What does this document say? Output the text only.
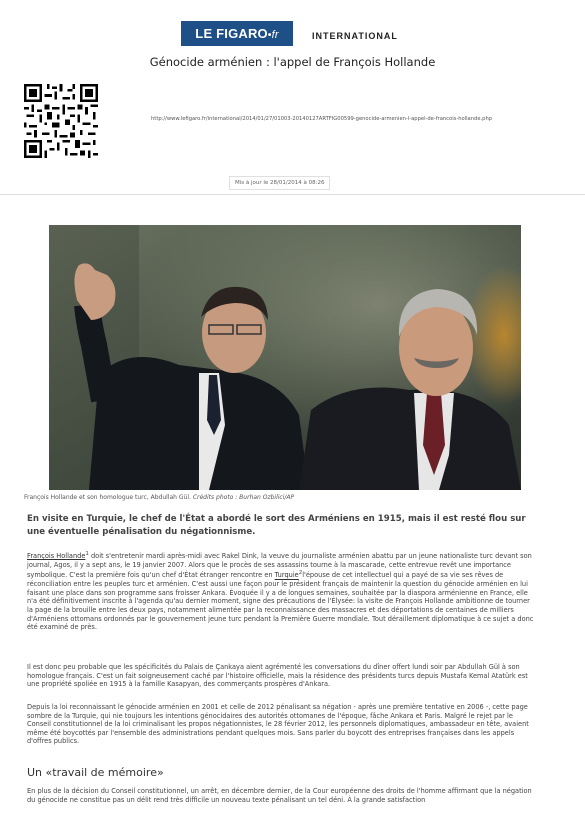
LE FIGARO•fr	INTERNATIONAL
Génocide arménien : l'appel de François Hollande
http://www.lefigaro.fr/international/2014/01/27/01003-20140127ARTFIG00599-genocide-armenien-l-appel-de-francois-hollande.php
Mis à jour le 28/01/2014 à 08:26
François Hollande et son homologue turc, Abdullah Gül. Crédits photo : Burhan Ozbilici/AP
En visite en Turquie, le chef de l'État a abordé le sort des Arméniens en 1915, mais il est resté flou sur une éventuelle pénalisation du négationnisme.
François Hollande$^1$ doit s'entretenir mardi après-midi avec Rakel Dink, la veuve du journaliste arménien abattu par un jeune nationaliste turc devant son journal, Agos, il y a sept ans, le 19 janvier 2007. Alors que le procès de ses assassins tourne à la mascarade, cette entrevue revêt une importance symbolique. C'est la première fois qu'un chef d'État étranger rencontre en Turquie$^2$l'épouse de cet intellectuel qui a payé de sa vie ses rêves de réconciliation entre les peuples turc et arménien. C'est aussi une façon pour le président français de maintenir la question du génocide arménien en lui faisant une place dans son programme sans froisser Ankara. Évoquée il y a de longues semaines, souhaitée par la diaspora arménienne en France, elle n'a été définitivement inscrite à l'agenda qu'au dernier moment, signe des précautions de l'Élysée: la visite de François Hollande ambitionne de tourner la page de la brouille entre les deux pays, notamment alimentée par la reconnaissance des massacres et des déportations de centaines de milliers d'Arméniens ottomans ordonnés par le gouvernement jeune turc pendant la Première Guerre mondiale. Tout déraillement diplomatique à ce sujet a donc été examiné de près.
Il est donc peu probable que les spécificités du Palais de Çankaya aient agrémenté les conversations du dîner offert lundi soir par Abdullah Gül à son homologue français. C'est un fait soigneusement caché par l'histoire officielle, mais la résidence des présidents turcs depuis Mustafa Kemal Atatürk est une propriété spoliée en 1915 à la famille Kasapyan, des commerçants prospères d'Ankara.
Depuis la loi reconnaissant le génocide arménien en 2001 et celle de 2012 pénalisant sa négation - après une première tentative en 2006 -, cette page sombre de la Turquie, qui nie toujours les intentions génocidaires des autorités ottomanes de l'époque, fâche Ankara et Paris. Malgré le rejet par le Conseil constitutionnel de la loi criminalisant les propos négationnistes, le 28 février 2012, les personnels diplomatiques, ambassadeur en tête, avaient même été boycottés par l'ensemble des administrations pendant quelques mois. Sans parler du boycott des entreprises françaises dans les appels d'offres publics.
Un «travail de mémoire»
En plus de la décision du Conseil constitutionnel, un arrêt, en décembre dernier, de la Cour européenne des droits de l'homme affirmant que la négation du génocide ne constitue pas un délit rend très difficile un nouveau texte pénalisant un tel déni. À la grande satisfaction
